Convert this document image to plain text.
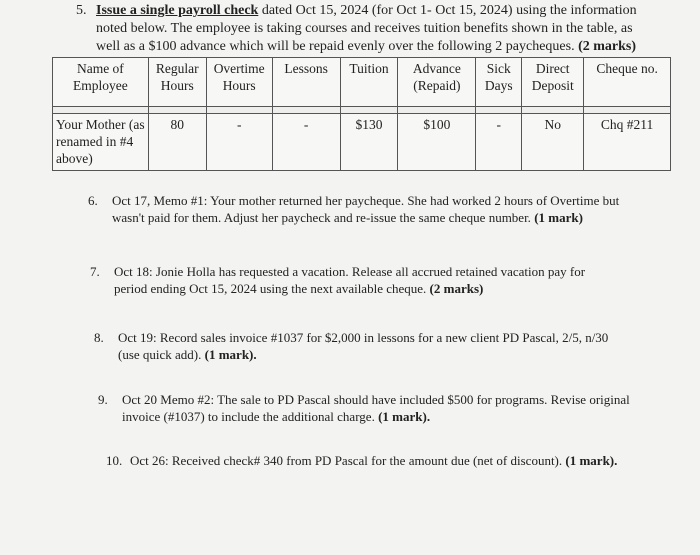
5. Issue a single payroll check dated Oct 15, 2024 (for Oct 1- Oct 15, 2024) using the information
noted below. The employee is taking courses and receives tuition benefits shown in the table, as
well as a $100 advance which will be repaid evenly over the following 2 paycheques. (2 marks)
Name of Employee	Regular Hours	Overtime Hours	Lessons	Tuition	Advance (Repaid)	Sick Days	Direct Deposit	Cheque no.

Your Mother (as renamed in #4 above)	80	-	-	$130	$100	-	No	Chq #211
6. Oct 17, Memo #1: Your mother returned her paycheque. She had worked 2 hours of Overtime but
wasn't paid for them. Adjust her paycheck and re-issue the same cheque number. (1 mark)
7. Oct 18: Jonie Holla has requested a vacation. Release all accrued retained vacation pay for
period ending Oct 15, 2024 using the next available cheque. (2 marks)
8. Oct 19: Record sales invoice #1037 for $2,000 in lessons for a new client PD Pascal, 2/5, n/30
(use quick add). (1 mark).
9. Oct 20 Memo #2: The sale to PD Pascal should have included $500 for programs. Revise original
invoice (#1037) to include the additional charge. (1 mark).
10. Oct 26: Received check# 340 from PD Pascal for the amount due (net of discount). (1 mark).
